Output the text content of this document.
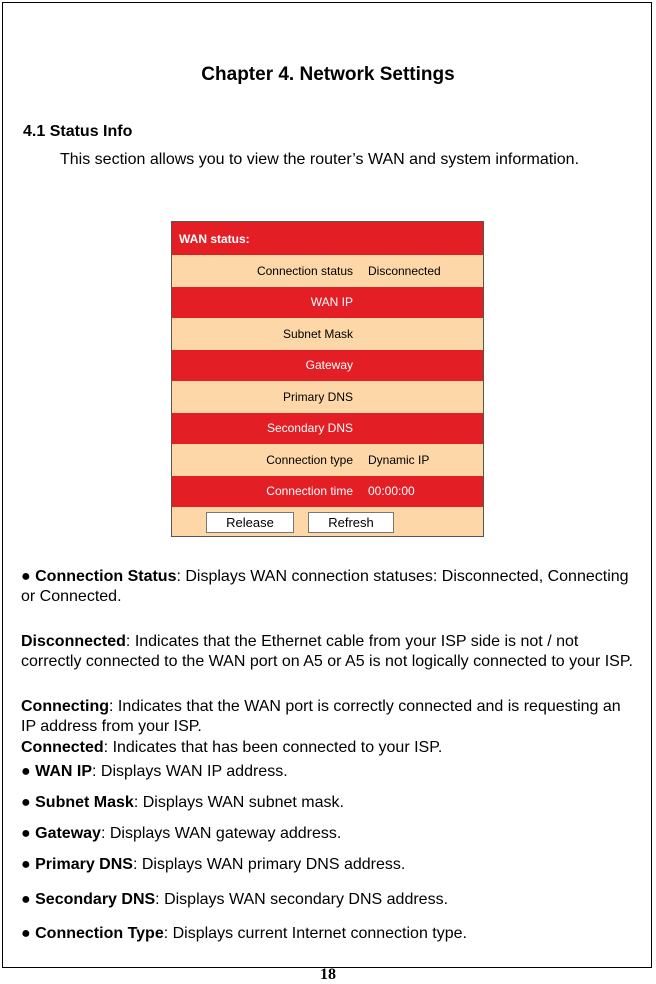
Chapter 4. Network Settings
4.1 Status Info
This section allows you to view the router’s WAN and system information.
WAN status:
Connection status	Disconnected
WAN IP
Subnet Mask
Gateway
Primary DNS
Secondary DNS
Connection type	Dynamic IP
Connection time	00:00:00
Release	Refresh
● Connection Status: Displays WAN connection statuses: Disconnected, Connecting or Connected.
Disconnected: Indicates that the Ethernet cable from your ISP side is not / not correctly connected to the WAN port on A5 or A5 is not logically connected to your ISP.
Connecting: Indicates that the WAN port is correctly connected and is requesting an IP address from your ISP.
Connected: Indicates that has been connected to your ISP.
● WAN IP: Displays WAN IP address.
● Subnet Mask: Displays WAN subnet mask.
● Gateway: Displays WAN gateway address.
● Primary DNS: Displays WAN primary DNS address.
● Secondary DNS: Displays WAN secondary DNS address.
● Connection Type: Displays current Internet connection type.
18
